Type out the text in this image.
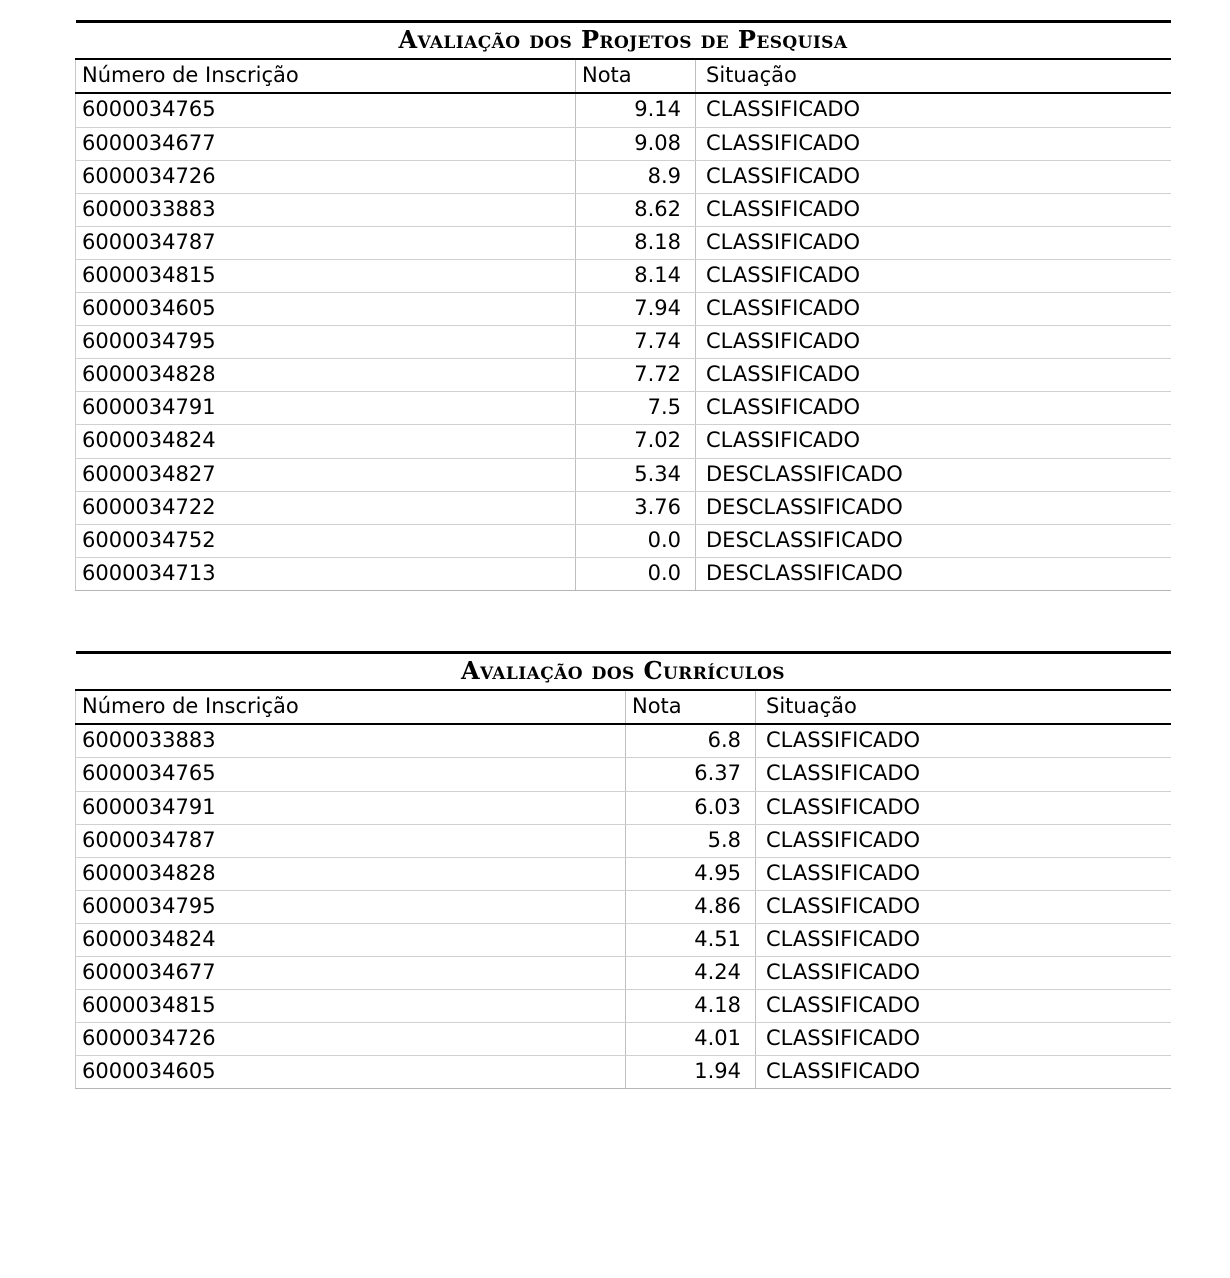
Avaliação dos Projetos de Pesquisa		
Número de Inscrição	Nota	Situação
6000034765	9.14	CLASSIFICADO
6000034677	9.08	CLASSIFICADO
6000034726	8.9	CLASSIFICADO
6000033883	8.62	CLASSIFICADO
6000034787	8.18	CLASSIFICADO
6000034815	8.14	CLASSIFICADO
6000034605	7.94	CLASSIFICADO
6000034795	7.74	CLASSIFICADO
6000034828	7.72	CLASSIFICADO
6000034791	7.5	CLASSIFICADO
6000034824	7.02	CLASSIFICADO
6000034827	5.34	DESCLASSIFICADO
6000034722	3.76	DESCLASSIFICADO
6000034752	0.0	DESCLASSIFICADO
6000034713	0.0	DESCLASSIFICADO
Avaliação dos Currículos		
Número de Inscrição	Nota	Situação
6000033883	6.8	CLASSIFICADO
6000034765	6.37	CLASSIFICADO
6000034791	6.03	CLASSIFICADO
6000034787	5.8	CLASSIFICADO
6000034828	4.95	CLASSIFICADO
6000034795	4.86	CLASSIFICADO
6000034824	4.51	CLASSIFICADO
6000034677	4.24	CLASSIFICADO
6000034815	4.18	CLASSIFICADO
6000034726	4.01	CLASSIFICADO
6000034605	1.94	CLASSIFICADO
